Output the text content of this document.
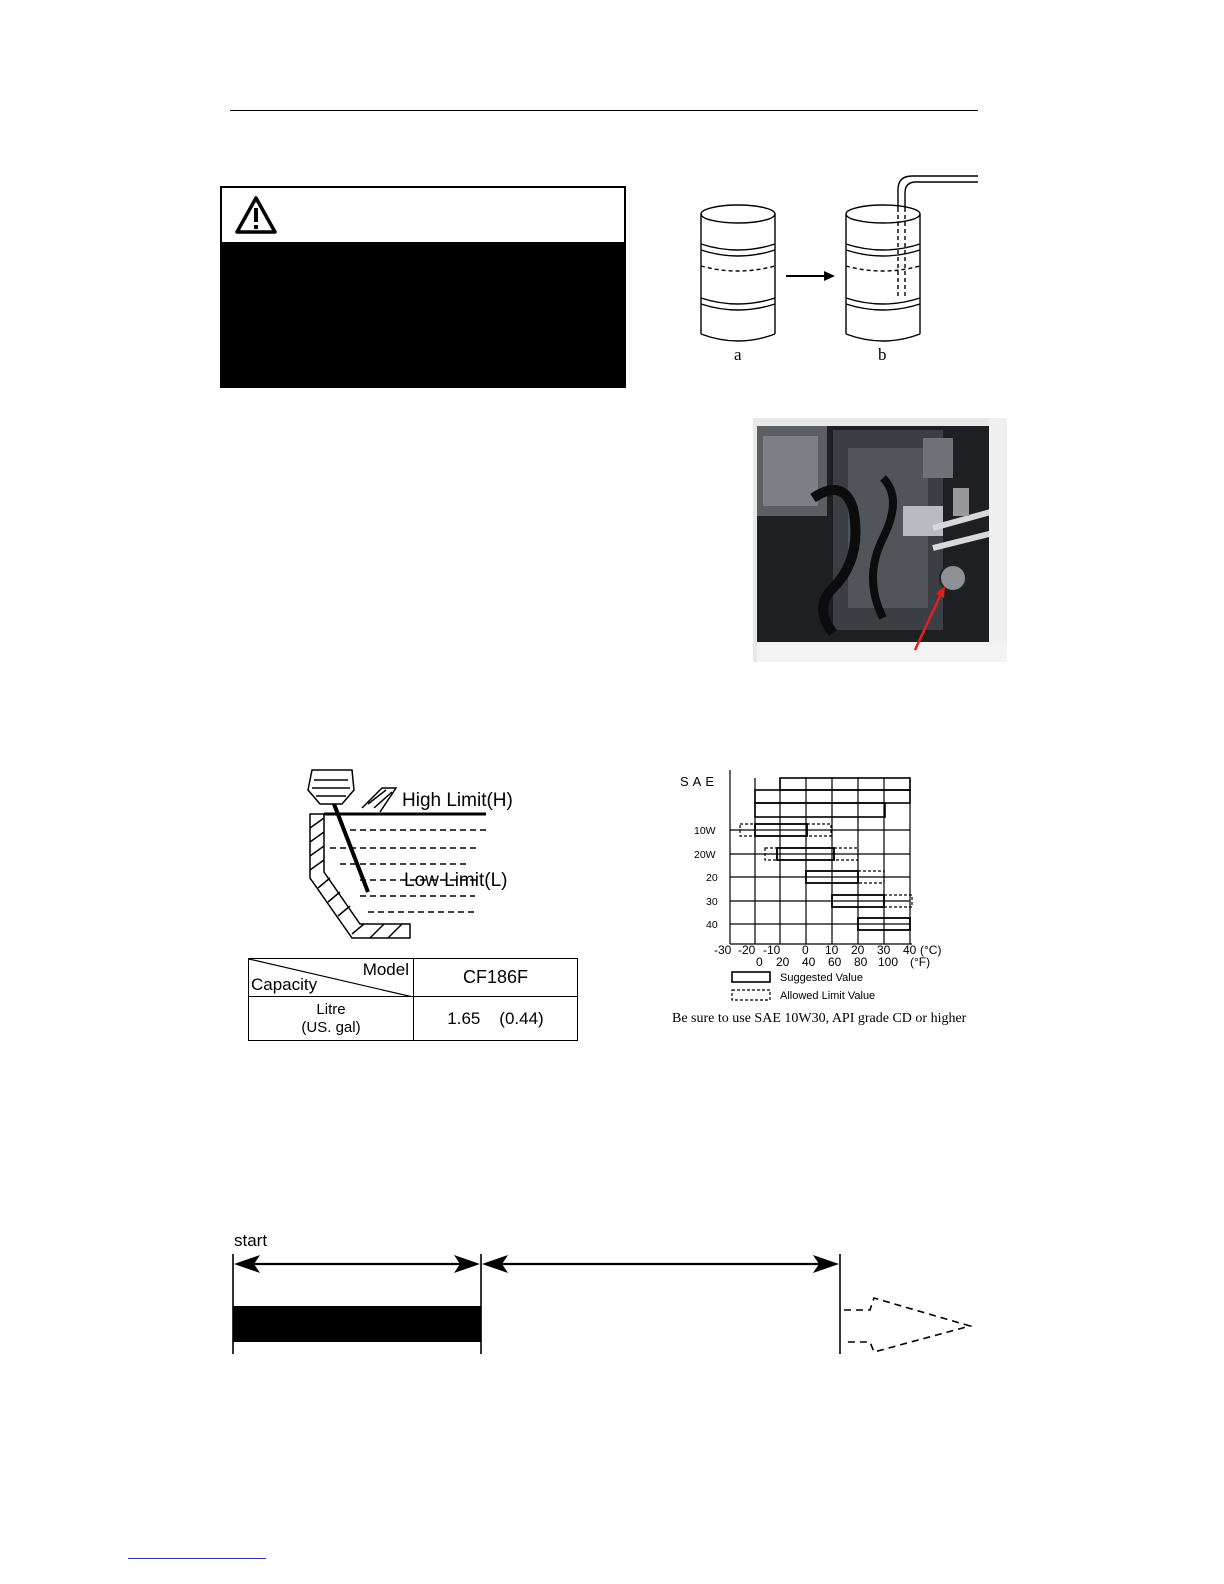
a	b
High Limit(H)
Low Limit(L)
Model
Capacity	CF186F

Litre
(US. gal)	1.65    (0.44)
SAE
10W
20W
20
30
40
-30 -20 -10 0 10 20 30 40 (°C)
0 20 40 60 80 100 (°F)
Suggested Value
Allowed Limit Value
Be sure to use SAE 10W30, API grade CD or higher
start
